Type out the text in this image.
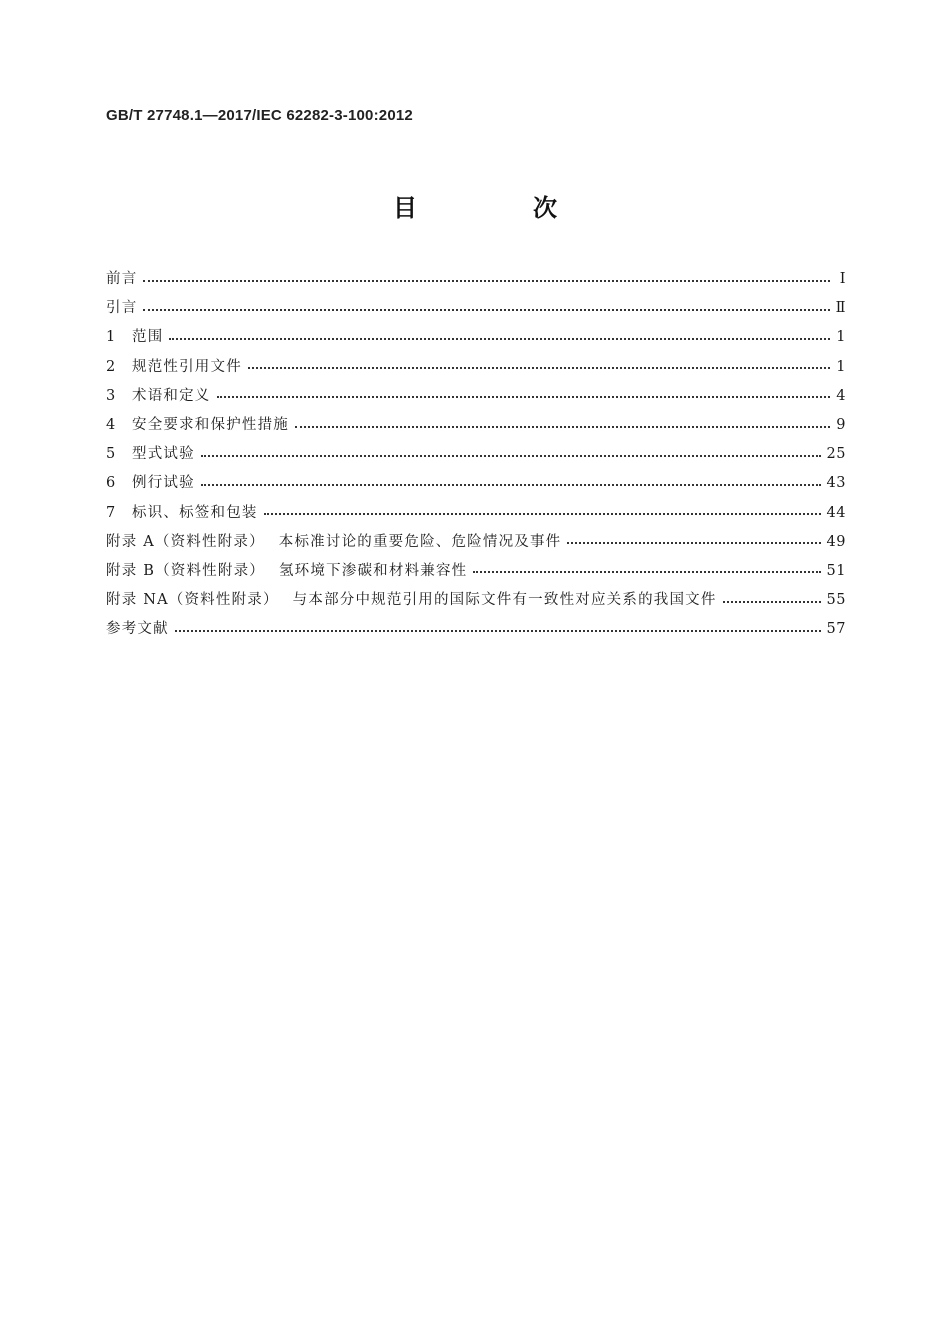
GB/T 27748.1—2017/IEC 62282-3-100:2012
目　次
前言	Ⅰ
引言	Ⅱ
1	范围	1
2	规范性引用文件	1
3	术语和定义	4
4	安全要求和保护性措施	9
5	型式试验	25
6	例行试验	43
7	标识、标签和包装	44
附录 A（资料性附录） 本标准讨论的重要危险、危险情况及事件	49
附录 B（资料性附录） 氢环境下渗碳和材料兼容性	51
附录 NA（资料性附录） 与本部分中规范引用的国际文件有一致性对应关系的我国文件	55
参考文献	57
